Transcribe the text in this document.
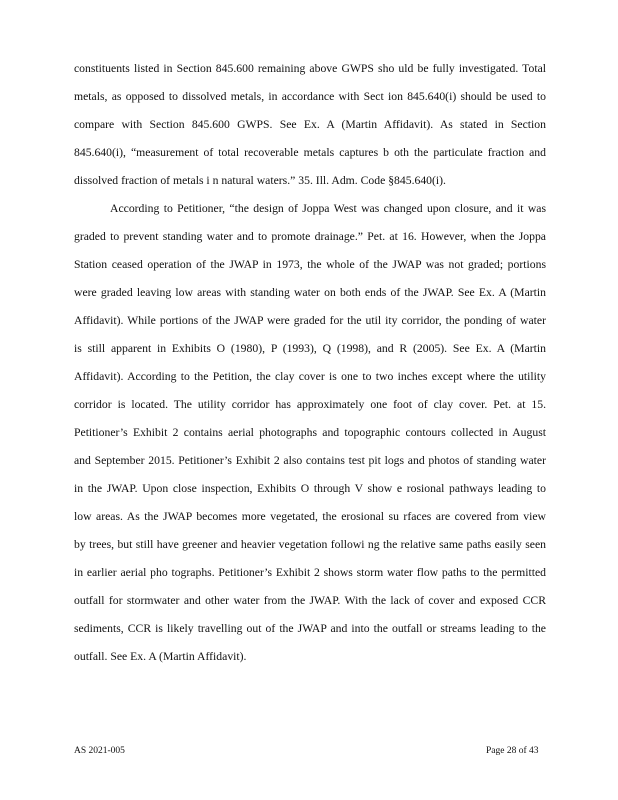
constituents listed in Section 845.600 remaining above GWPS sho uld be fully investigated. Total
metals, as opposed to dissolved metals, in accordance with Sect ion 845.640(i) should be used to
compare with Section 845.600 GWPS. See Ex. A (Martin Affidavit). As stated in Section
845.640(i), “measurement of total recoverable metals captures b oth the particulate fraction and
dissolved fraction of metals i n natural waters.” 35. Ill. Adm. Code §845.640(i).
According to Petitioner, “the design of Joppa West was changed upon closure, and it was
graded to prevent standing water and to promote drainage.” Pet. at 16. However, when the Joppa
Station ceased operation of the JWAP in 1973, the whole of the JWAP was not graded; portions
were graded leaving low areas with standing water on both ends of the JWAP. See Ex. A (Martin
Affidavit). While portions of the JWAP were graded for the util ity corridor, the ponding of water
is still apparent in Exhibits O (1980), P (1993), Q (1998), and R (2005). See Ex. A (Martin
Affidavit). According to the Petition, the clay cover is one to two inches except where the utility
corridor is located. The utility corridor has approximately one foot of clay cover. Pet. at 15.
Petitioner’s Exhibit 2 contains aerial photographs and topographic contours collected in August
and September 2015. Petitioner’s Exhibit 2 also contains test pit logs and photos of standing water
in the JWAP. Upon close inspection, Exhibits O through V show e rosional pathways leading to
low areas. As the JWAP becomes more vegetated, the erosional su rfaces are covered from view
by trees, but still have greener and heavier vegetation followi ng the relative same paths easily seen
in earlier aerial pho tographs. Petitioner’s Exhibit 2 shows storm water flow paths to the permitted
outfall for stormwater and other water from the JWAP. With the lack of cover and exposed CCR
sediments, CCR is likely travelling out of the JWAP and into the outfall or streams leading to the
outfall. See Ex. A (Martin Affidavit).
AS 2021-005	Page 28 of 43
